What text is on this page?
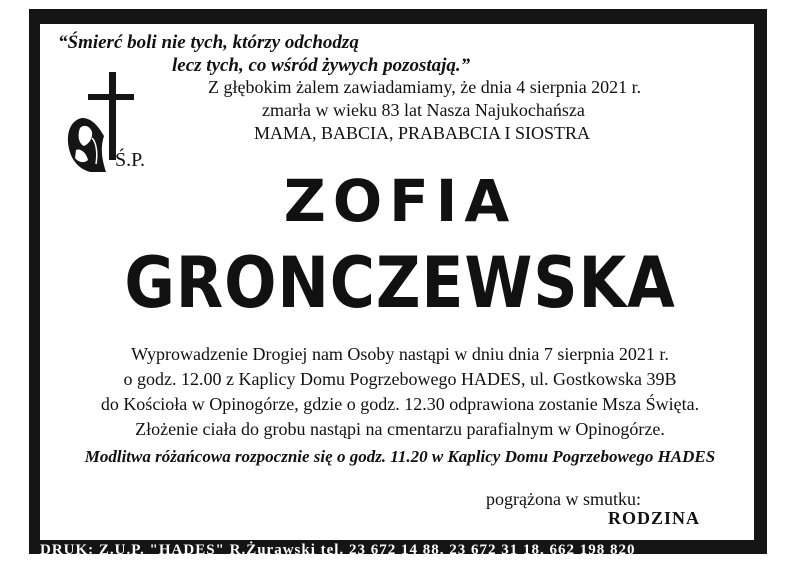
“Śmierć boli nie tych, którzy odchodzą
lecz tych, co wśród żywych pozostają.”
Z głębokim żalem zawiadamiamy, że dnia 4 sierpnia 2021 r.
zmarła w wieku 83 lat Nasza Najukochańsza
MAMA, BABCIA, PRABABCIA I SIOSTRA
Ś.P.
ZOFIA
GRONCZEWSKA
Wyprowadzenie Drogiej nam Osoby nastąpi w dniu dnia 7 sierpnia 2021 r.
o godz. 12.00 z Kaplicy Domu Pogrzebowego HADES, ul. Gostkowska 39B
do Kościoła w Opinogórze, gdzie o godz. 12.30 odprawiona zostanie Msza Święta.
Złożenie ciała do grobu nastąpi na cmentarzu parafialnym w Opinogórze.
Modlitwa różańcowa rozpocznie się o godz. 11.20 w Kaplicy Domu Pogrzebowego HADES
pogrążona w smutku:
RODZINA
DRUK: Z.U.P. "HADES" R.Żurawski tel. 23 672 14 88, 23 672 31 18, 662 198 820
